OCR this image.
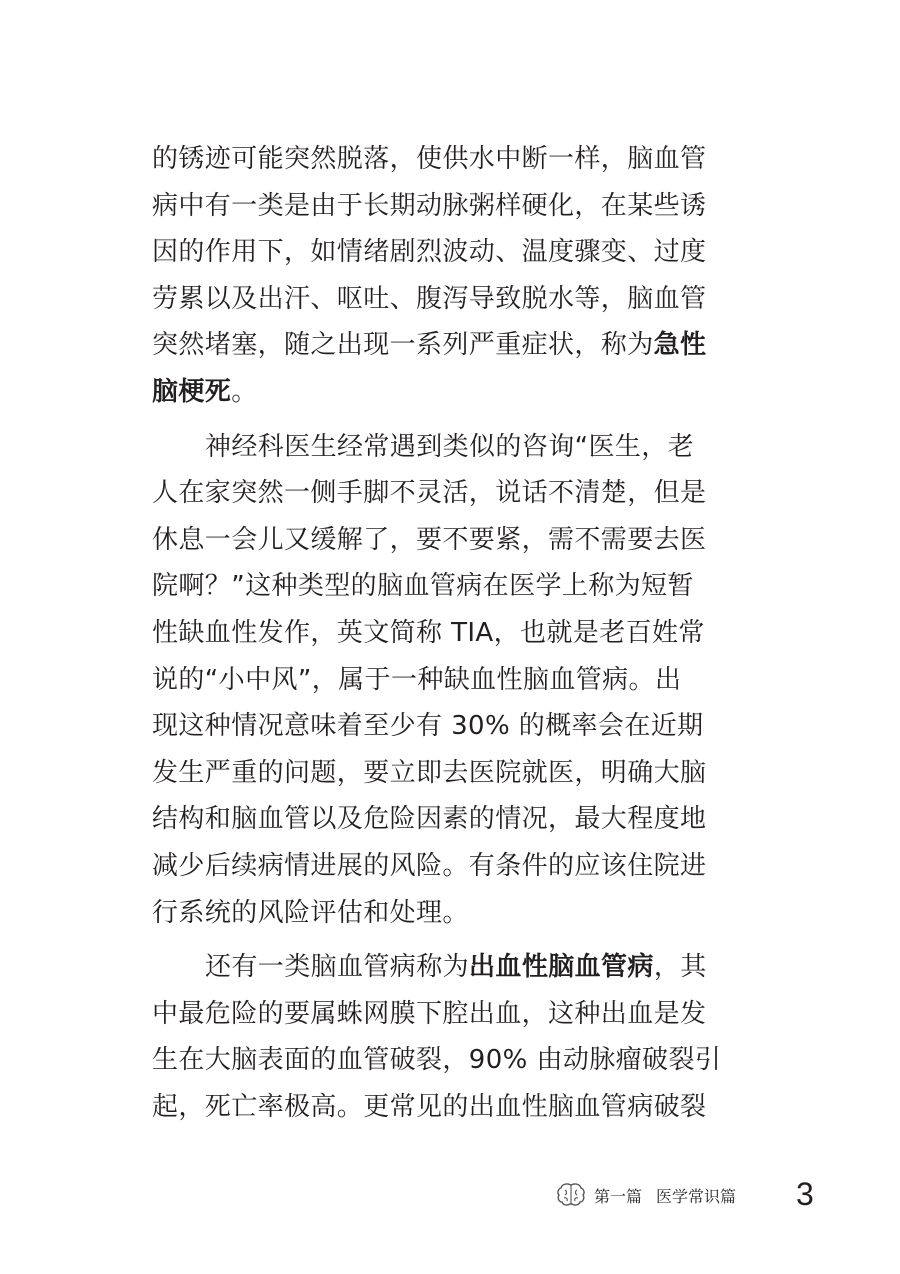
的锈迹可能突然脱落，使供水中断一样，脑血管
病中有一类是由于长期动脉粥样硬化，在某些诱
因的作用下，如情绪剧烈波动、温度骤变、过度
劳累以及出汗、呕吐、腹泻导致脱水等，脑血管
突然堵塞，随之出现一系列严重症状，称为急性
脑梗死。
神经科医生经常遇到类似的咨询“医生，老
人在家突然一侧手脚不灵活，说话不清楚，但是
休息一会儿又缓解了，要不要紧，需不需要去医
院啊？”这种类型的脑血管病在医学上称为短暂
性缺血性发作，英文简称 TIA，也就是老百姓常
说的“小中风”，属于一种缺血性脑血管病。出
现这种情况意味着至少有 30% 的概率会在近期
发生严重的问题，要立即去医院就医，明确大脑
结构和脑血管以及危险因素的情况，最大程度地
减少后续病情进展的风险。有条件的应该住院进
行系统的风险评估和处理。
还有一类脑血管病称为出血性脑血管病，其
中最危险的要属蛛网膜下腔出血，这种出血是发
生在大脑表面的血管破裂，90% 由动脉瘤破裂引
起，死亡率极高。更常见的出血性脑血管病破裂
第一篇 医学常识篇 3
